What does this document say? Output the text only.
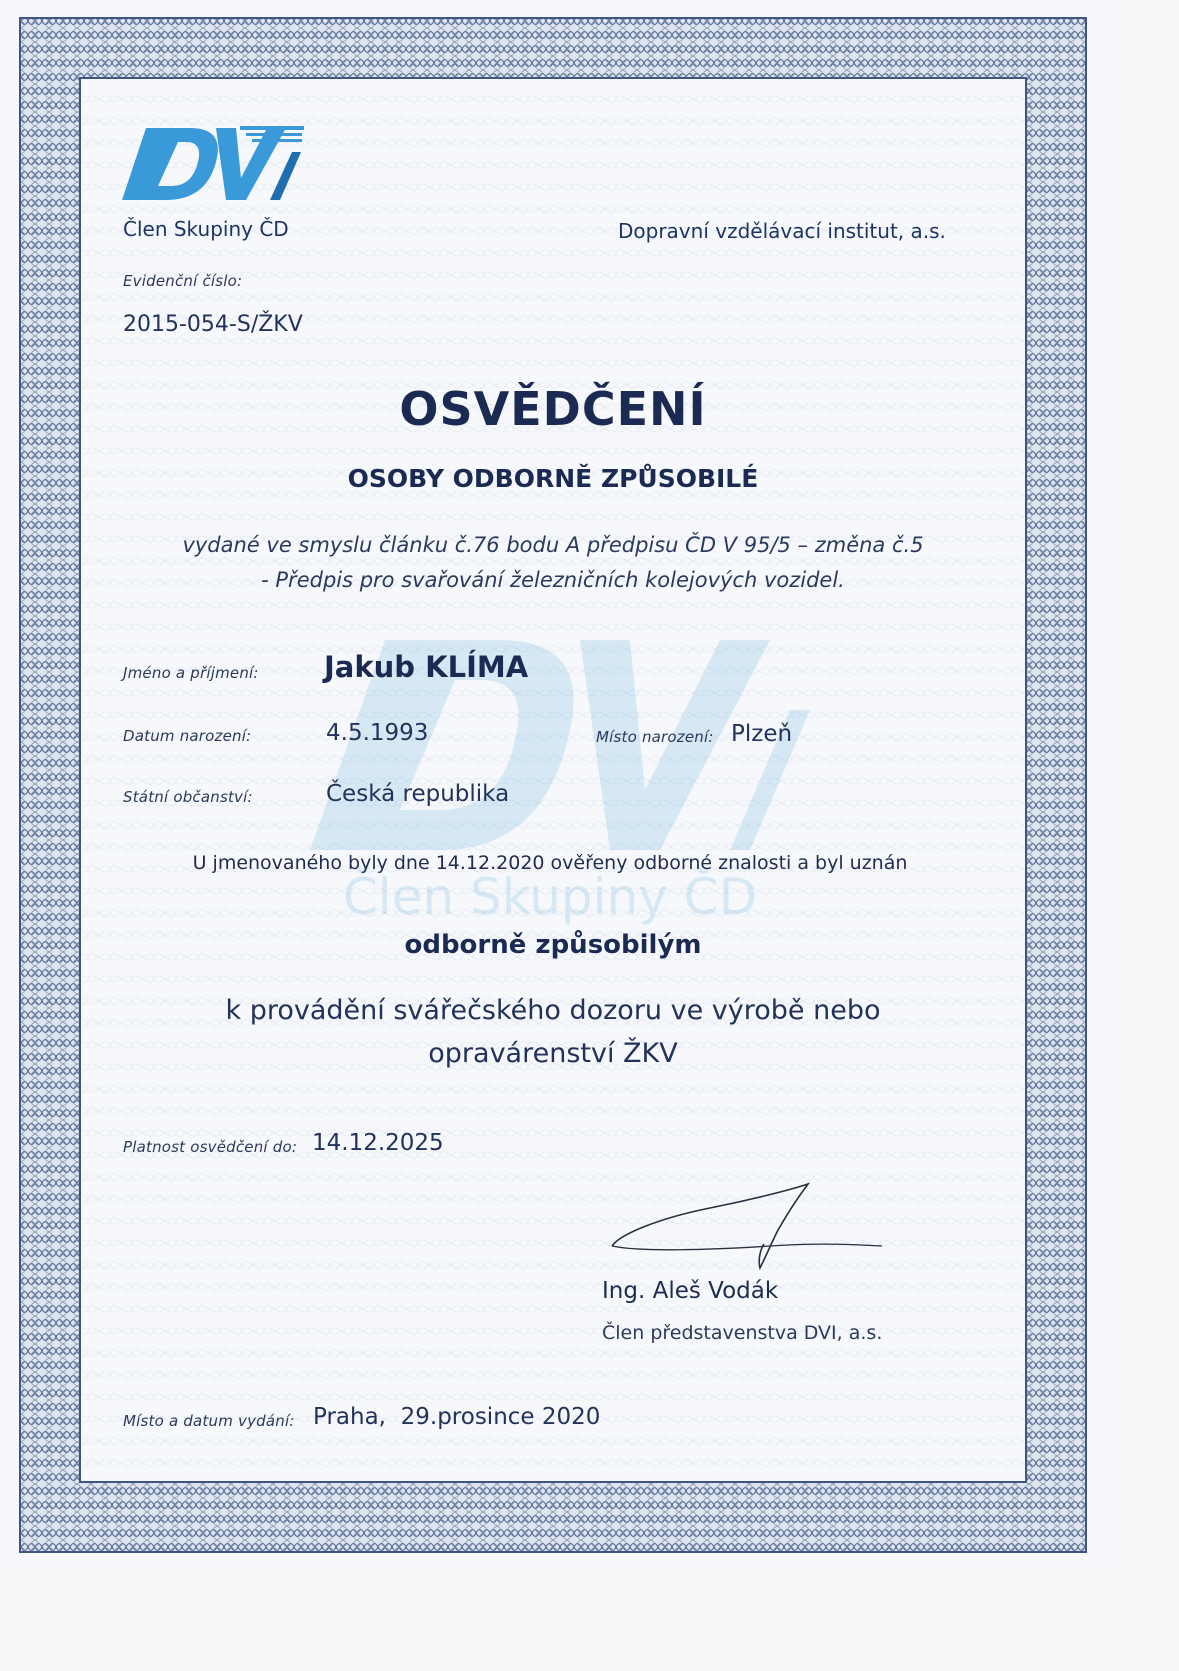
Člen Skupiny ČD
Člen Skupiny ČD	Dopravní vzdělávací institut, a.s.
Evidenční číslo:
2015-054-S/ŽKV
OSVĚDČENÍ
OSOBY ODBORNĚ ZPŮSOBILÉ
vydané ve smyslu článku č.76 bodu A předpisu ČD V 95/5 – změna č.5
- Předpis pro svařování železničních kolejových vozidel.
Jméno a příjmení: Jakub KLÍMA
Datum narození:	4.5.1993	Místo narození: Plzeň
Státní občanství:	Česká republika
U jmenovaného byly dne 14.12.2020 ověřeny odborné znalosti a byl uznán
odborně způsobilým
k provádění svářečského dozoru ve výrobě nebo
opravárenství ŽKV
Platnost osvědčení do: 14.12.2025
Ing. Aleš Vodák
Člen představenstva DVI, a.s.
Místo a datum vydání: Praha,  29.prosince 2020
